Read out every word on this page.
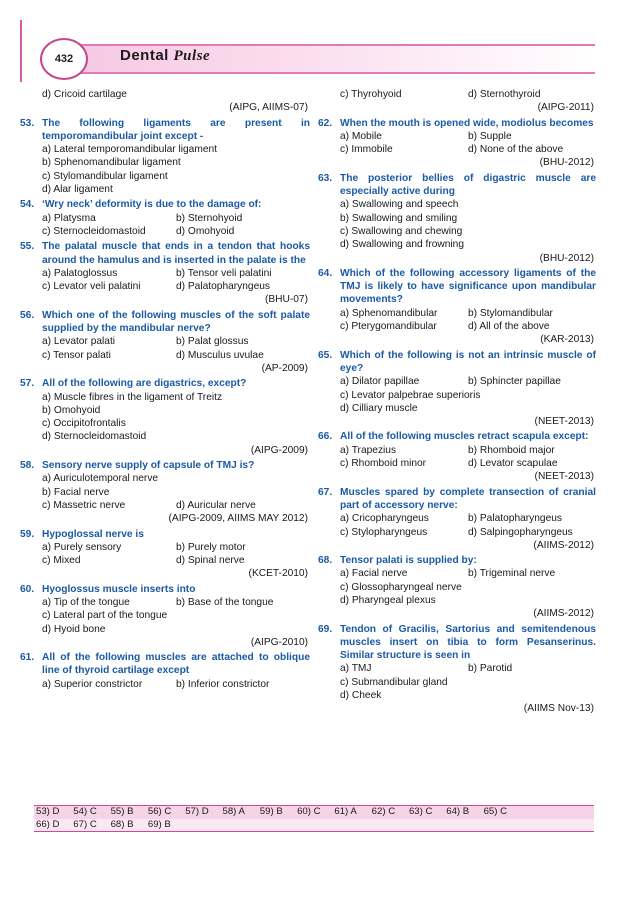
432	Dental Pulse
d) Cricoid cartilage
(AIPG, AIIMS-07)
53. The following ligaments are present in temporomandibular joint except -
a) Lateral temporomandibular ligament
b) Sphenomandibular ligament
c) Stylomandibular ligament
d) Alar ligament
54. ‘Wry neck’ deformity is due to the damage of:
a) Platysma	b) Sternohyoid
c) Sternocleidomastoid	d) Omohyoid
55. The palatal muscle that ends in a tendon that hooks around the hamulus and is inserted in the palate is the
a) Palatoglossus	b) Tensor veli palatini
c) Levator veli palatini	d) Palatopharyngeus
(BHU-07)
56. Which one of the following muscles of the soft palate supplied by the mandibular nerve?
a) Levator palati	b) Palat glossus
c) Tensor palati	d) Musculus uvulae
(AP-2009)
57. All of the following are digastrics, except?
a) Muscle fibres in the ligament of Treitz
b) Omohyoid
c) Occipitofrontalis
d) Sternocleidomastoid
(AIPG-2009)
58. Sensory nerve supply of capsule of TMJ is?
a) Auriculotemporal nerve
b) Facial nerve
c) Massetric nerve	d) Auricular nerve
(AIPG-2009, AIIMS MAY 2012)
59. Hypoglossal nerve is
a) Purely sensory	b) Purely motor
c) Mixed	d) Spinal nerve
(KCET-2010)
60. Hyoglossus muscle inserts into
a) Tip of the tongue	b) Base of the tongue
c) Lateral part of the tongue
d) Hyoid bone
(AIPG-2010)
61. All of the following muscles are attached to oblique line of thyroid cartilage except
a) Superior constrictor	b) Inferior constrictor
c) Thyrohyoid	d) Sternothyroid
(AIPG-2011)
62. When the mouth is opened wide, modiolus becomes
a) Mobile	b) Supple
c) Immobile	d) None of the above
(BHU-2012)
63. The posterior bellies of digastric muscle are especially active during
a) Swallowing and speech
b) Swallowing and smiling
c) Swallowing and chewing
d) Swallowing and frowning
(BHU-2012)
64. Which of the following accessory ligaments of the TMJ is likely to have significance upon mandibular movements?
a) Sphenomandibular	b) Stylomandibular
c) Pterygomandibular	d) All of the above
(KAR-2013)
65. Which of the following is not an intrinsic muscle of eye?
a) Dilator papillae	b) Sphincter papillae
c) Levator palpebrae superioris
d) Cilliary muscle
(NEET-2013)
66. All of the following muscles retract scapula except:
a) Trapezius	b) Rhomboid major
c) Rhomboid minor	d) Levator scapulae
(NEET-2013)
67. Muscles spared by complete transection of cranial part of accessory nerve:
a) Cricopharyngeus	b) Palatopharyngeus
c) Stylopharyngeus	d) Salpingopharyngeus
(AIIMS-2012)
68. Tensor palati is supplied by:
a) Facial nerve	b) Trigeminal nerve
c) Glossopharyngeal nerve
d) Pharyngeal plexus
(AIIMS-2012)
69. Tendon of Gracilis, Sartorius and semitendenous muscles insert on tibia to form Pesanserinus. Similar structure is seen in
a) TMJ	b) Parotid
c) Submandibular gland
d) Cheek
(AIIMS Nov-13)
53) D	54) C	55) B	56) C	57) D	58) A	59) B	60) C	61) A	62) C	63) C	64) B	65) C
66) D	67) C	68) B	69) B
